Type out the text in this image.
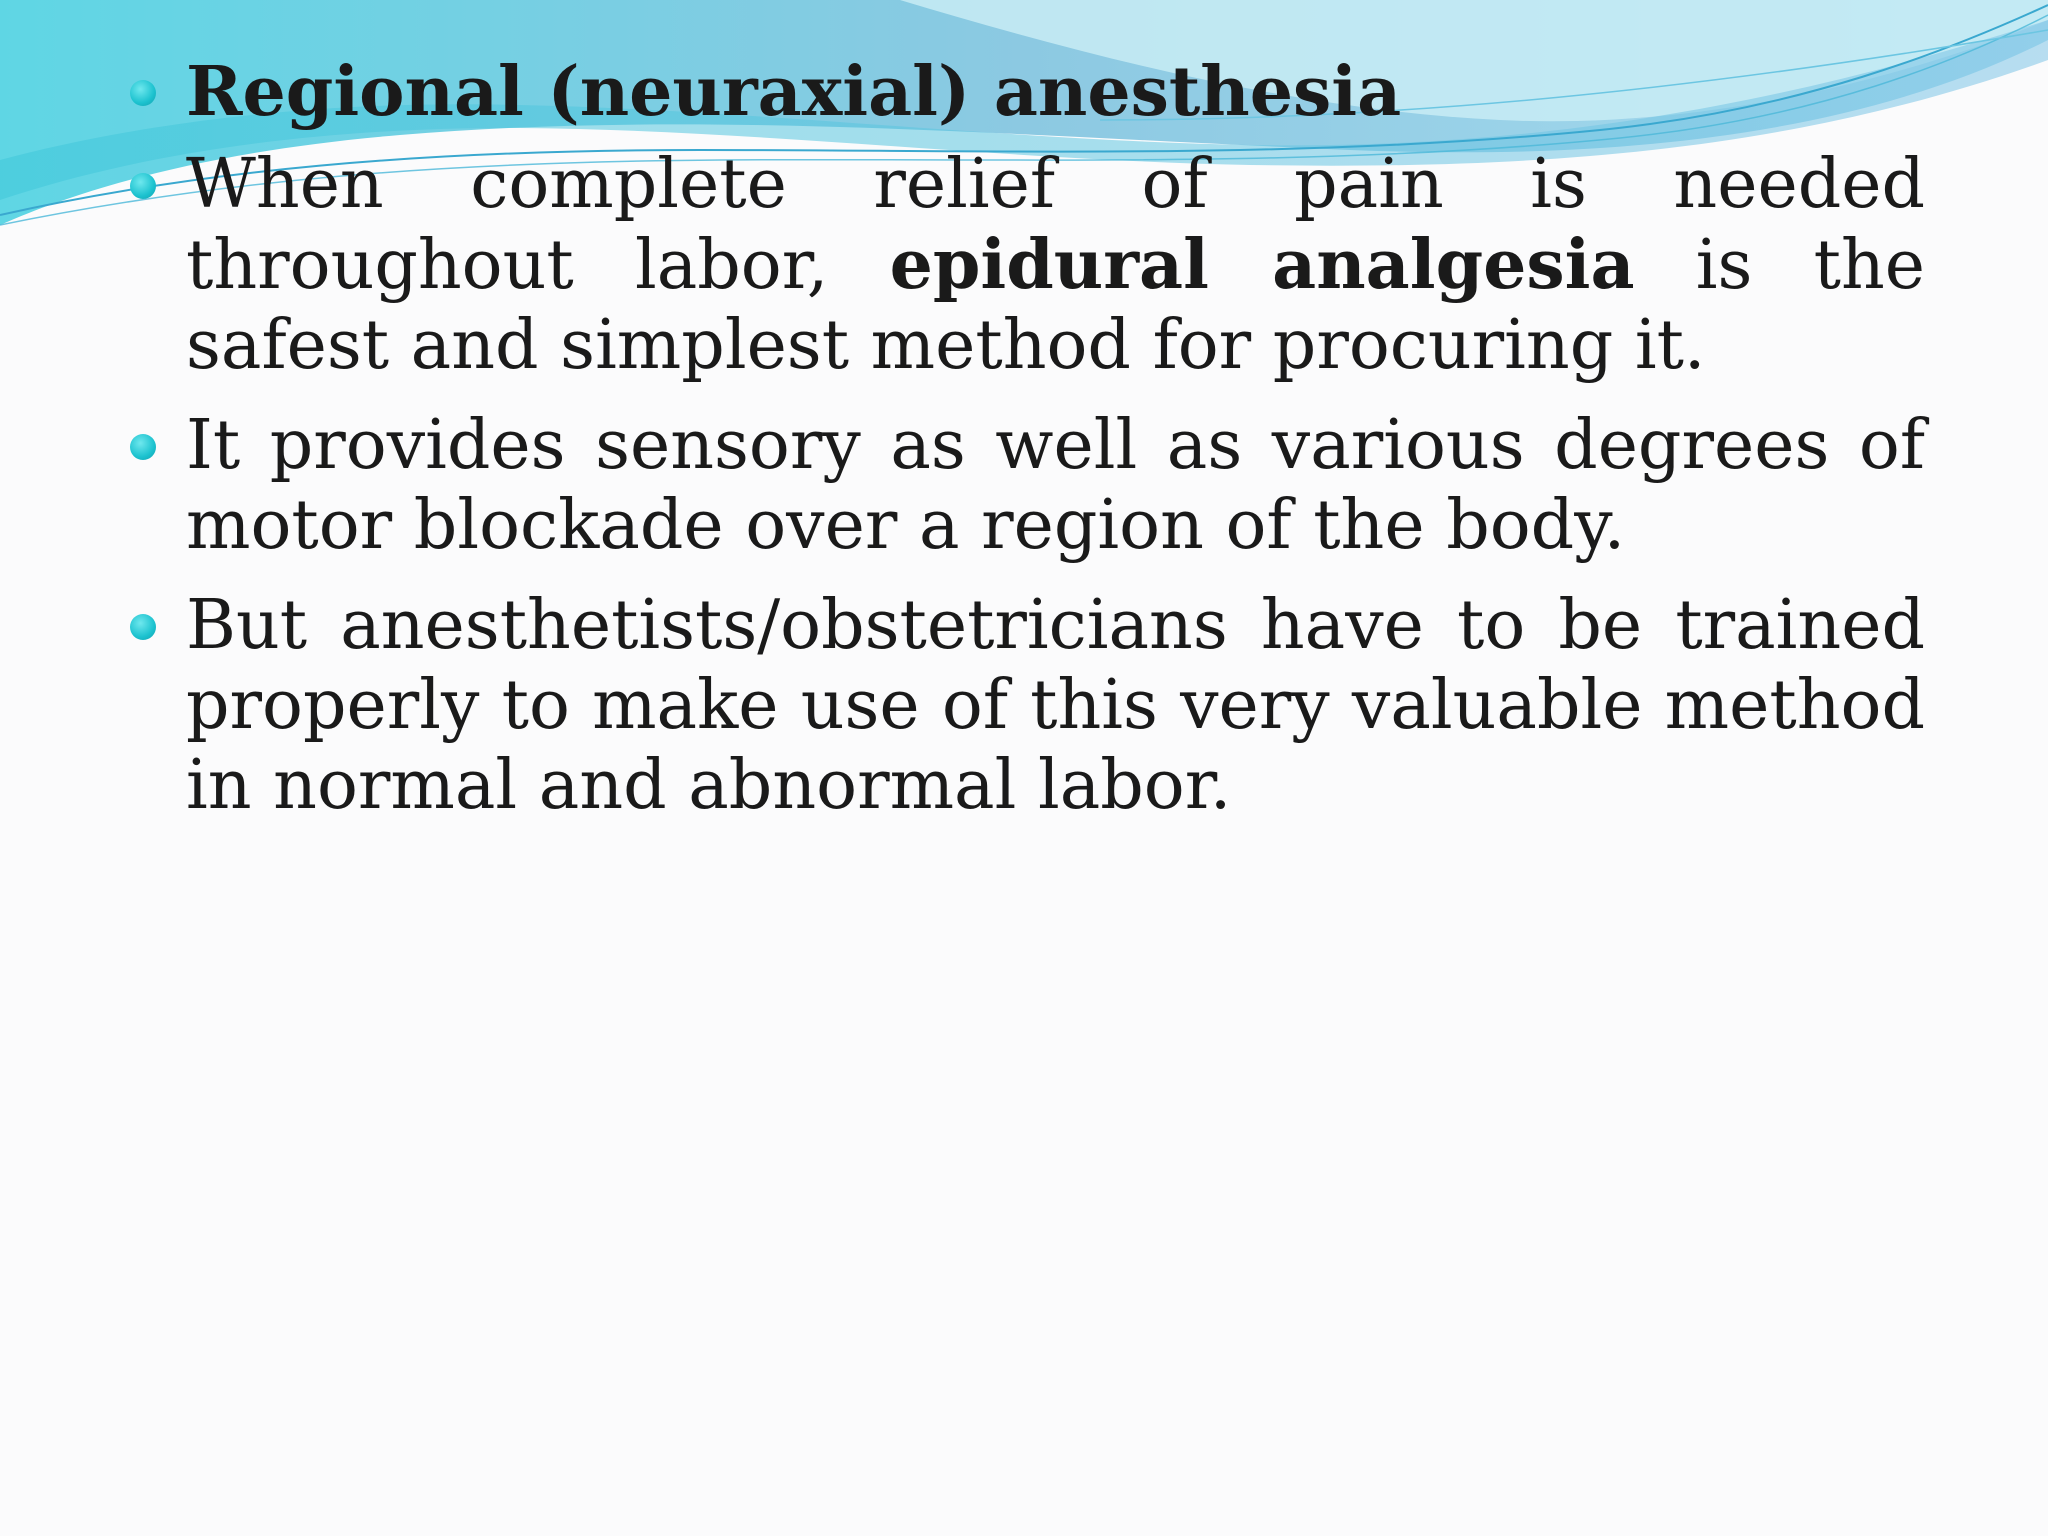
Regional (neuraxial) anesthesia
When complete relief of pain is needed throughout labor, epidural analgesia is the safest and simplest method for procuring it.
It provides sensory as well as various degrees of motor blockade over a region of the body.
But anesthetists/obstetricians have to be trained properly to make use of this very valuable method in normal and abnormal labor.
